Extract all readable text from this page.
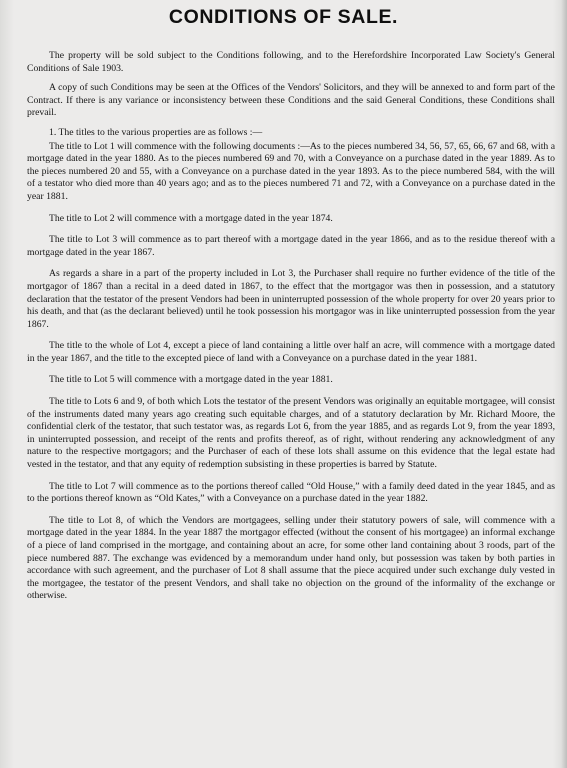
CONDITIONS OF SALE.

The property will be sold subject to the Conditions following, and to the Herefordshire Incorporated Law Society's General Conditions of Sale 1903.

A copy of such Conditions may be seen at the Offices of the Vendors' Solicitors, and they will be annexed to and form part of the Contract. If there is any variance or inconsistency between these Conditions and the said General Conditions, these Conditions shall prevail.

1. The titles to the various properties are as follows :—

The title to Lot 1 will commence with the following documents :—As to the pieces numbered 34, 56, 57, 65, 66, 67 and 68, with a mortgage dated in the year 1880. As to the pieces numbered 69 and 70, with a Conveyance on a purchase dated in the year 1889. As to the pieces numbered 20 and 55, with a Conveyance on a purchase dated in the year 1893. As to the piece numbered 584, with the will of a testator who died more than 40 years ago; and as to the pieces numbered 71 and 72, with a Conveyance on a purchase dated in the year 1881.

The title to Lot 2 will commence with a mortgage dated in the year 1874.

The title to Lot 3 will commence as to part thereof with a mortgage dated in the year 1866, and as to the residue thereof with a mortgage dated in the year 1867.

As regards a share in a part of the property included in Lot 3, the Purchaser shall require no further evidence of the title of the mortgagor of 1867 than a recital in a deed dated in 1867, to the effect that the mortgagor was then in possession, and a statutory declaration that the testator of the present Vendors had been in uninterrupted possession of the whole property for over 20 years prior to his death, and that (as the declarant believed) until he took possession his mortgagor was in like uninterrupted possession from the year 1867.

The title to the whole of Lot 4, except a piece of land containing a little over half an acre, will commence with a mortgage dated in the year 1867, and the title to the excepted piece of land with a Conveyance on a purchase dated in the year 1881.

The title to Lot 5 will commence with a mortgage dated in the year 1881.

The title to Lots 6 and 9, of both which Lots the testator of the present Vendors was originally an equitable mortgagee, will consist of the instruments dated many years ago creating such equitable charges, and of a statutory declaration by Mr. Richard Moore, the confidential clerk of the testator, that such testator was, as regards Lot 6, from the year 1885, and as regards Lot 9, from the year 1893, in uninterrupted possession, and receipt of the rents and profits thereof, as of right, without rendering any acknowledgment of any nature to the respective mortgagors; and the Purchaser of each of these lots shall assume on this evidence that the legal estate had vested in the testator, and that any equity of redemption subsisting in these properties is barred by Statute.

The title to Lot 7 will commence as to the portions thereof called “Old House,” with a family deed dated in the year 1845, and as to the portions thereof known as “Old Kates,” with a Conveyance on a purchase dated in the year 1882.

The title to Lot 8, of which the Vendors are mortgagees, selling under their statutory powers of sale, will commence with a mortgage dated in the year 1884. In the year 1887 the mortgagor effected (without the consent of his mortgagee) an informal exchange of a piece of land comprised in the mortgage, and containing about an acre, for some other land containing about 3 roods, part of the piece numbered 887. The exchange was evidenced by a memorandum under hand only, but possession was taken by both parties in accordance with such agreement, and the purchaser of Lot 8 shall assume that the piece acquired under such exchange duly vested in the mortgagee, the testator of the present Vendors, and shall take no objection on the ground of the informality of the exchange or otherwise.
